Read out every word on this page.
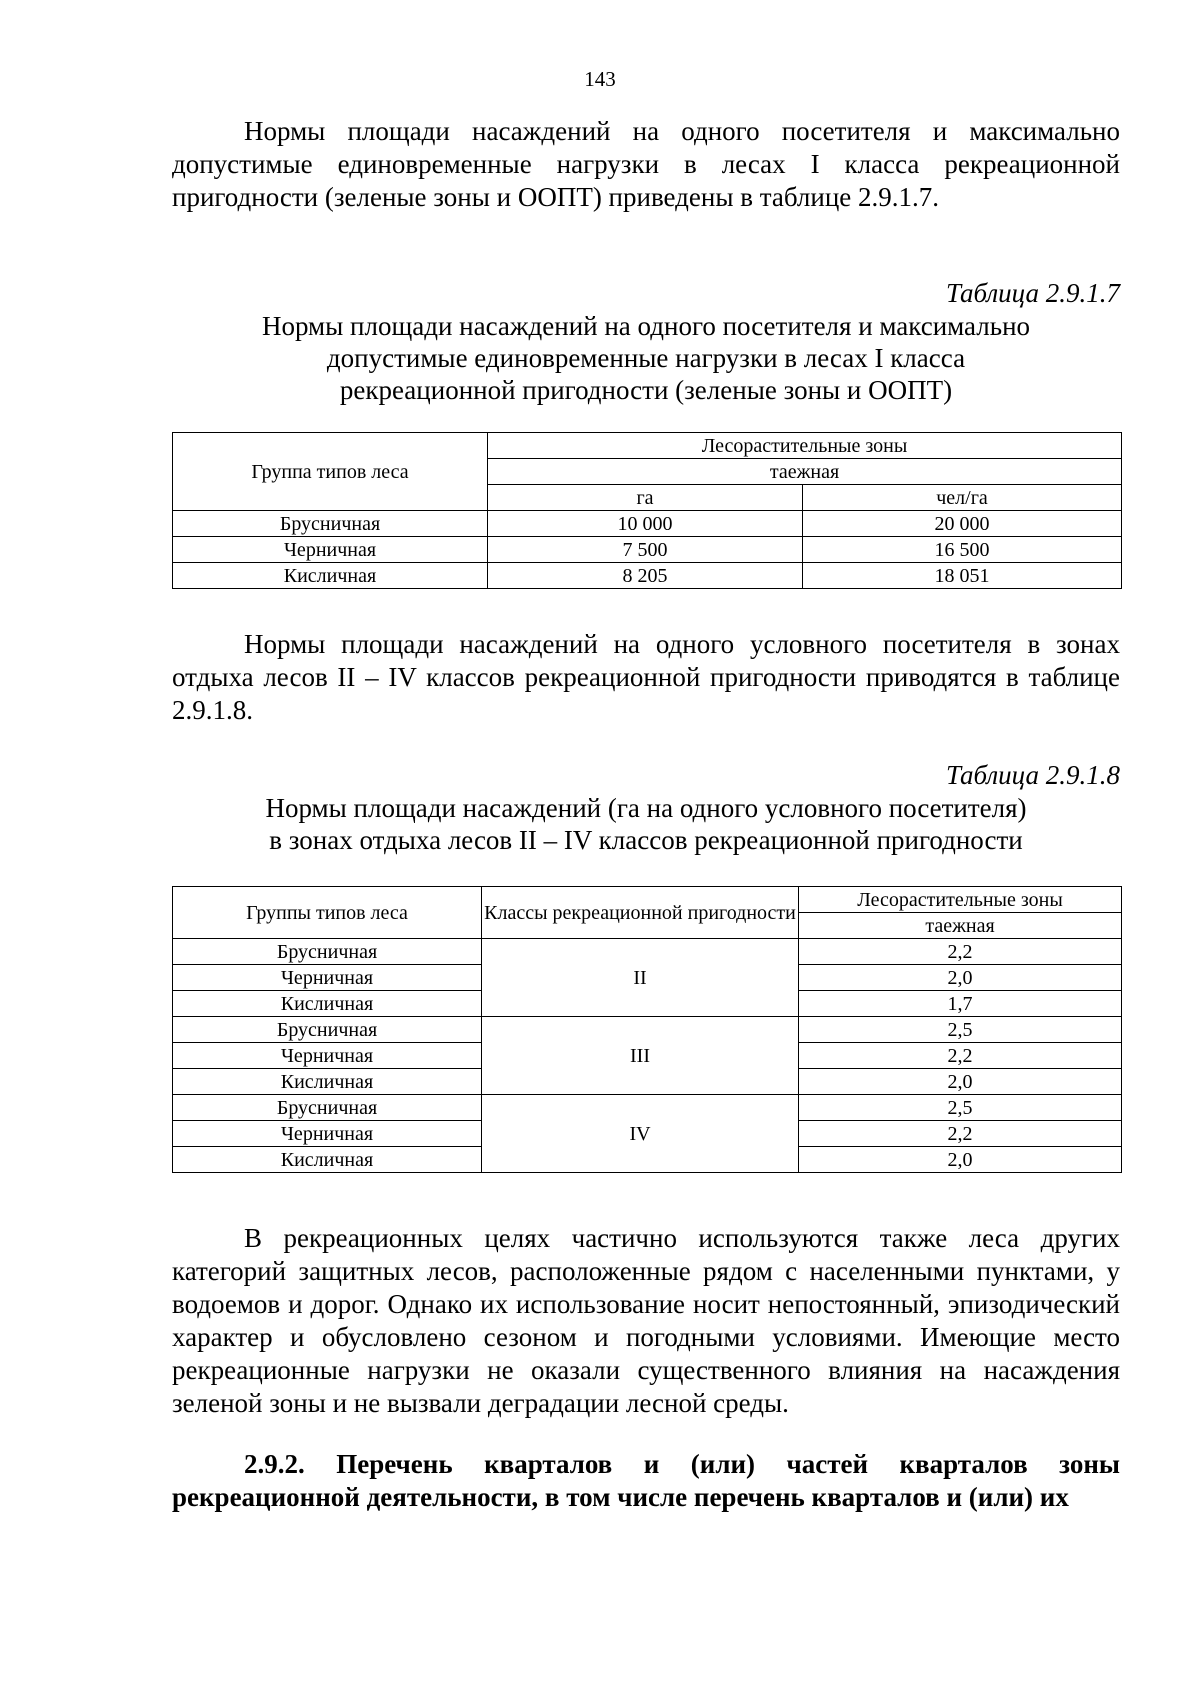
143
Нормы площади насаждений на одного посетителя и максимально допустимые единовременные нагрузки в лесах I класса рекреационной пригодности (зеленые зоны и ООПТ) приведены в таблице 2.9.1.7.
Таблица 2.9.1.7
Нормы площади насаждений на одного посетителя и максимально
допустимые единовременные нагрузки в лесах I класса
рекреационной пригодности (зеленые зоны и ООПТ)
Группа типов леса	Лесорастительные зоны	
	таежная	
	га	чел/га
Брусничная	10 000	20 000
Черничная	7 500	16 500
Кисличная	8 205	18 051
Нормы площади насаждений на одного условного посетителя в зонах отдыха лесов II – IV классов рекреационной пригодности приводятся в таблице 2.9.1.8.
Таблица 2.9.1.8
Нормы площади насаждений (га на одного условного посетителя)
в зонах отдыха лесов II – IV классов рекреационной пригодности
Группы типов леса	Классы рекреационной пригодности	Лесорастительные зоны
		таежная
Брусничная	II	2,2
Черничная		2,0
Кисличная		1,7
Брусничная	III	2,5
Черничная		2,2
Кисличная		2,0
Брусничная	IV	2,5
Черничная		2,2
Кисличная		2,0
В рекреационных целях частично используются также леса других категорий защитных лесов, расположенные рядом с населенными пунктами, у водоемов и дорог. Однако их использование носит непостоянный, эпизодический характер и обусловлено сезоном и погодными условиями. Имеющие место рекреационные нагрузки не оказали существенного влияния на насаждения зеленой зоны и не вызвали деградации лесной среды.
2.9.2. Перечень кварталов и (или) частей кварталов зоны рекреационной деятельности, в том числе перечень кварталов и (или) их
